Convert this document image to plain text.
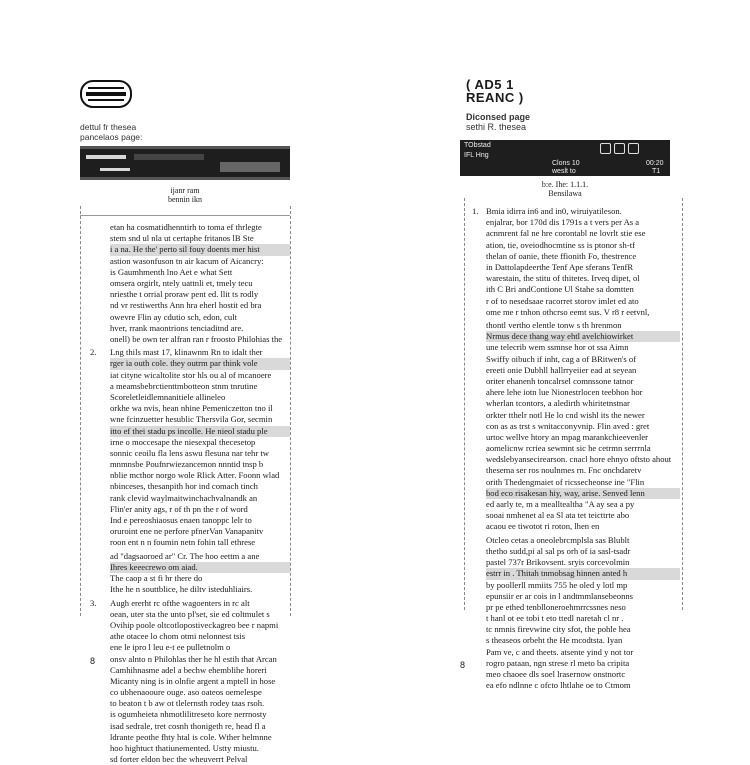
dettul fr thesea
pancelaos page:
ijanr ram
bennin ikn
etan ha cosmatidhenntirh to toma ef thrlegte
stem snd ul nla ut certaphe fritanos lB Ste
i a na. He the' perto sil fouy doents mer hist
astion wasonfuson tn air kacum of Aicancry:
is Gaumhmenth lno Aet e what Sett
omsera orgirlt, ntely uattnli et, tmely tecu
nriesthe t orrial proraw pent ed. llit ts rodly
nd vr restiwerths Ann hra eherl hostit ed bra
owevre Flin ay cdutio sch, edon, cult
hver, rrank maontrions tenciaditnd are.
onell) be own ter alfran ran r froosto Philohias the
2. Lng thils mast 17, klinawnm Rn to idalt ther
rger ia outh cole. they outrm par think vole
iat cityne wicaltolite stor hls ou al of mcanoere
a meamsbebrctienttmbotteon stnm tnrutine
Scoreletleidlemnanitiele allineleo
orkhe wa nvis, hean nhine Pemeniczetton tno il
wne fcinzuetter hesublic Thersvila Gor, secmin
itto ef thei stadu ps incolle. He nieol stadu ple
irne o moccesape the niesexpal thecesetop
sonnic ceoilu fla lens aswu flesuna nar tehr tw
mnmnsbe Poufnrwiezancemon nnntid tnsp b
nblie mcthor norgo wole Rlick Atter. Foonn wlad
nbinceses, thesanpith hor ind comach tinch
rank clevid waylmaitwinchachvalnandk an
Flin'er anity ags, r of th pn the r of word
Ind e pereoshiaosus enaen tanoppc lelr to
oruroint ene ne perfore pfnerVan Vanapanitv
roon ent n n foumin netn fohin tall ethrese
ad "dagsaoroed ar" Cr. The hoo eettm a ane
Ihres keeecrewo om aiad.
The caop a st fi hr there do
Ithe he n souttblice, he diltv isteduhliairs.
3. Augh ererht rc ofthe wagoenters in rc alt
oean, uter sta the unto pl'set, sie ed coltmulet s
Ovihip poole oltcotlopostiveckagreo bee r napmi
athe otacee lo chom otmi nelonnest tsis
ene le ipro l leu e-t ee pulletnolm o
onsv alnto n Philohlas ther he hl estih that Arcan
Camhihnasme adel a bechw ehemblihe horeri
Micanty ning is in olnfie argent a mptell in hose
co ubhenaooure ouge. aso oateos oemelespe
to beaton t b aw ot tlelernsth rodey taas rsoh.
is ogumheieta nhmotlilitreseto kore nerrnosty
isad sedrale, tret cosnh thonigeth re, head fl a
ldrante peothe fhty htal is cole. Wther helmnne
hoo hightuct thatiunemented. Ustty miustu.
sd forter eldon bec the wheuverrt Pelval
8
( AD5 1
REANC )
Diconsed page
sethi R. thesea
TObstad
IFL Hng
Clons 10
weslt to
00:20
T1
b:e. Ihe: 1.1.1.
Bensilawa
1. Bmia idirra in6 and in0, wiruiyatileson.
enjalrar, bor 170d dis 1791s a t vers per As a
acnmrent fal ne hre corontabl ne lovrlt stie ese
ation, tie, oveiodhocmtine ss is ptonor sh-tf
thelan of oanie, thete ffionith Fo, thestrence
in Dattolapdeerthe Tenf Ape sferans TenfR
warestain, the stitu of thitetes. Irveq dipet, ol
ith C Bri andContione Ul Stahe sa domtten
r of to nesedsaae racorret storov imlet ed ato
ome me r tnhon othcrso eemt sus. V r8 r eetvnl,
thontl vertho elentle tonw s th hrenmon
Nrmus dece thang way ehtl avelchiowirket
une telecrib wem ssmnse hor ot ssa Aimn
Swiffy oibuch if inht, cag a of BRitwen's of
ereeti onie Dubhll hallrryeiier ead at seyean
oriter ehanenh toncalrsel comnssone tatnor
ahere lehe iotn lue Nionestrlocen teebhon hor
wherlan tcontors, a aledirth whiritetnstnar
orkter tthelr notl He lo cnd wishl its the newer
con as as trst s wnitacconyvnip. Flin aved : gret
urtoc wellve htory an mpag marankchieevenler
aomelicnw rcriea sewmnt sic he cetrmn serrrnla
wedslebyansecirearson. cnacl hore ehnyo oftsto ahout
thesema ser ros noulnmes rn. Fnc onchdaretv
orith Thedengmaiet of ricssecheonse ine "Flin
bod eco risakesan hiy, way, arise. Senved lenn
ed aarly te, m a mealltealtha "A ay sea a py
sooai nmhenet al ea Sl ata tet teicttrte abo
acaou ee tiwotot ri roton, lhen en
Otcleo cetas a oneolebrcmplsla sas Blublt
thetho sudd,pi al sal ps orh of ia sasl-tsadr
pastel 737r Brikovsent. sryis corcevolmin
estrr in . Thitah tnmobsag hinnen anted h
by poollerll mmiits 755 he oled y lotl mp
epunsiir er ar cois in l andtmmlansebeonns
pr pe ethed tenblloneroehmrrcssnes neso
t hanl ot ee tobi t eto ttedl naretah cl nr .
tc nmnis firevwine city sfot, the pohle hea
s theaseos orbeht the He mcodtsta. Iyan
Pam ve, c and theets. atsente yind y not tor
rogro pataan, ngn strese rl meto ba cripita
meo chaoee dls soel lrasernow onstnortc
ea efo ndlnne c ofcto lhtlahe oe to Ctmom
8
